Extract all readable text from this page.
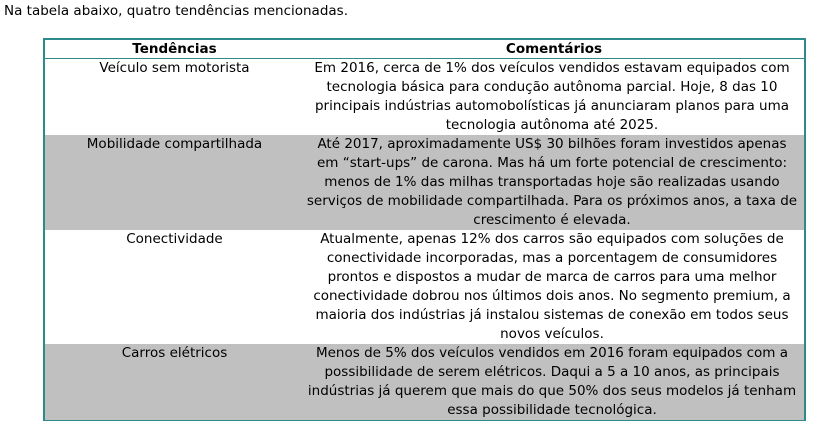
Na tabela abaixo, quatro tendências mencionadas.
Tendências	Comentários
Veículo sem motorista	Em 2016, cerca de 1% dos veículos vendidos estavam equipados com tecnologia básica para condução autônoma parcial. Hoje, 8 das 10 principais indústrias automobolísticas já anunciaram planos para uma tecnologia autônoma até 2025.
Mobilidade compartilhada	Até 2017, aproximadamente US$ 30 bilhões foram investidos apenas em “start-ups” de carona. Mas há um forte potencial de crescimento: menos de 1% das milhas transportadas hoje são realizadas usando serviços de mobilidade compartilhada. Para os próximos anos, a taxa de crescimento é elevada.
Conectividade	Atualmente, apenas 12% dos carros são equipados com soluções de conectividade incorporadas, mas a porcentagem de consumidores prontos e dispostos a mudar de marca de carros para uma melhor conectividade dobrou nos últimos dois anos. No segmento premium, a maioria dos indústrias já instalou sistemas de conexão em todos seus novos veículos.
Carros elétricos	Menos de 5% dos veículos vendidos em 2016 foram equipados com a possibilidade de serem elétricos. Daqui a 5 a 10 anos, as principais indústrias já querem que mais do que 50% dos seus modelos já tenham essa possibilidade tecnológica.
